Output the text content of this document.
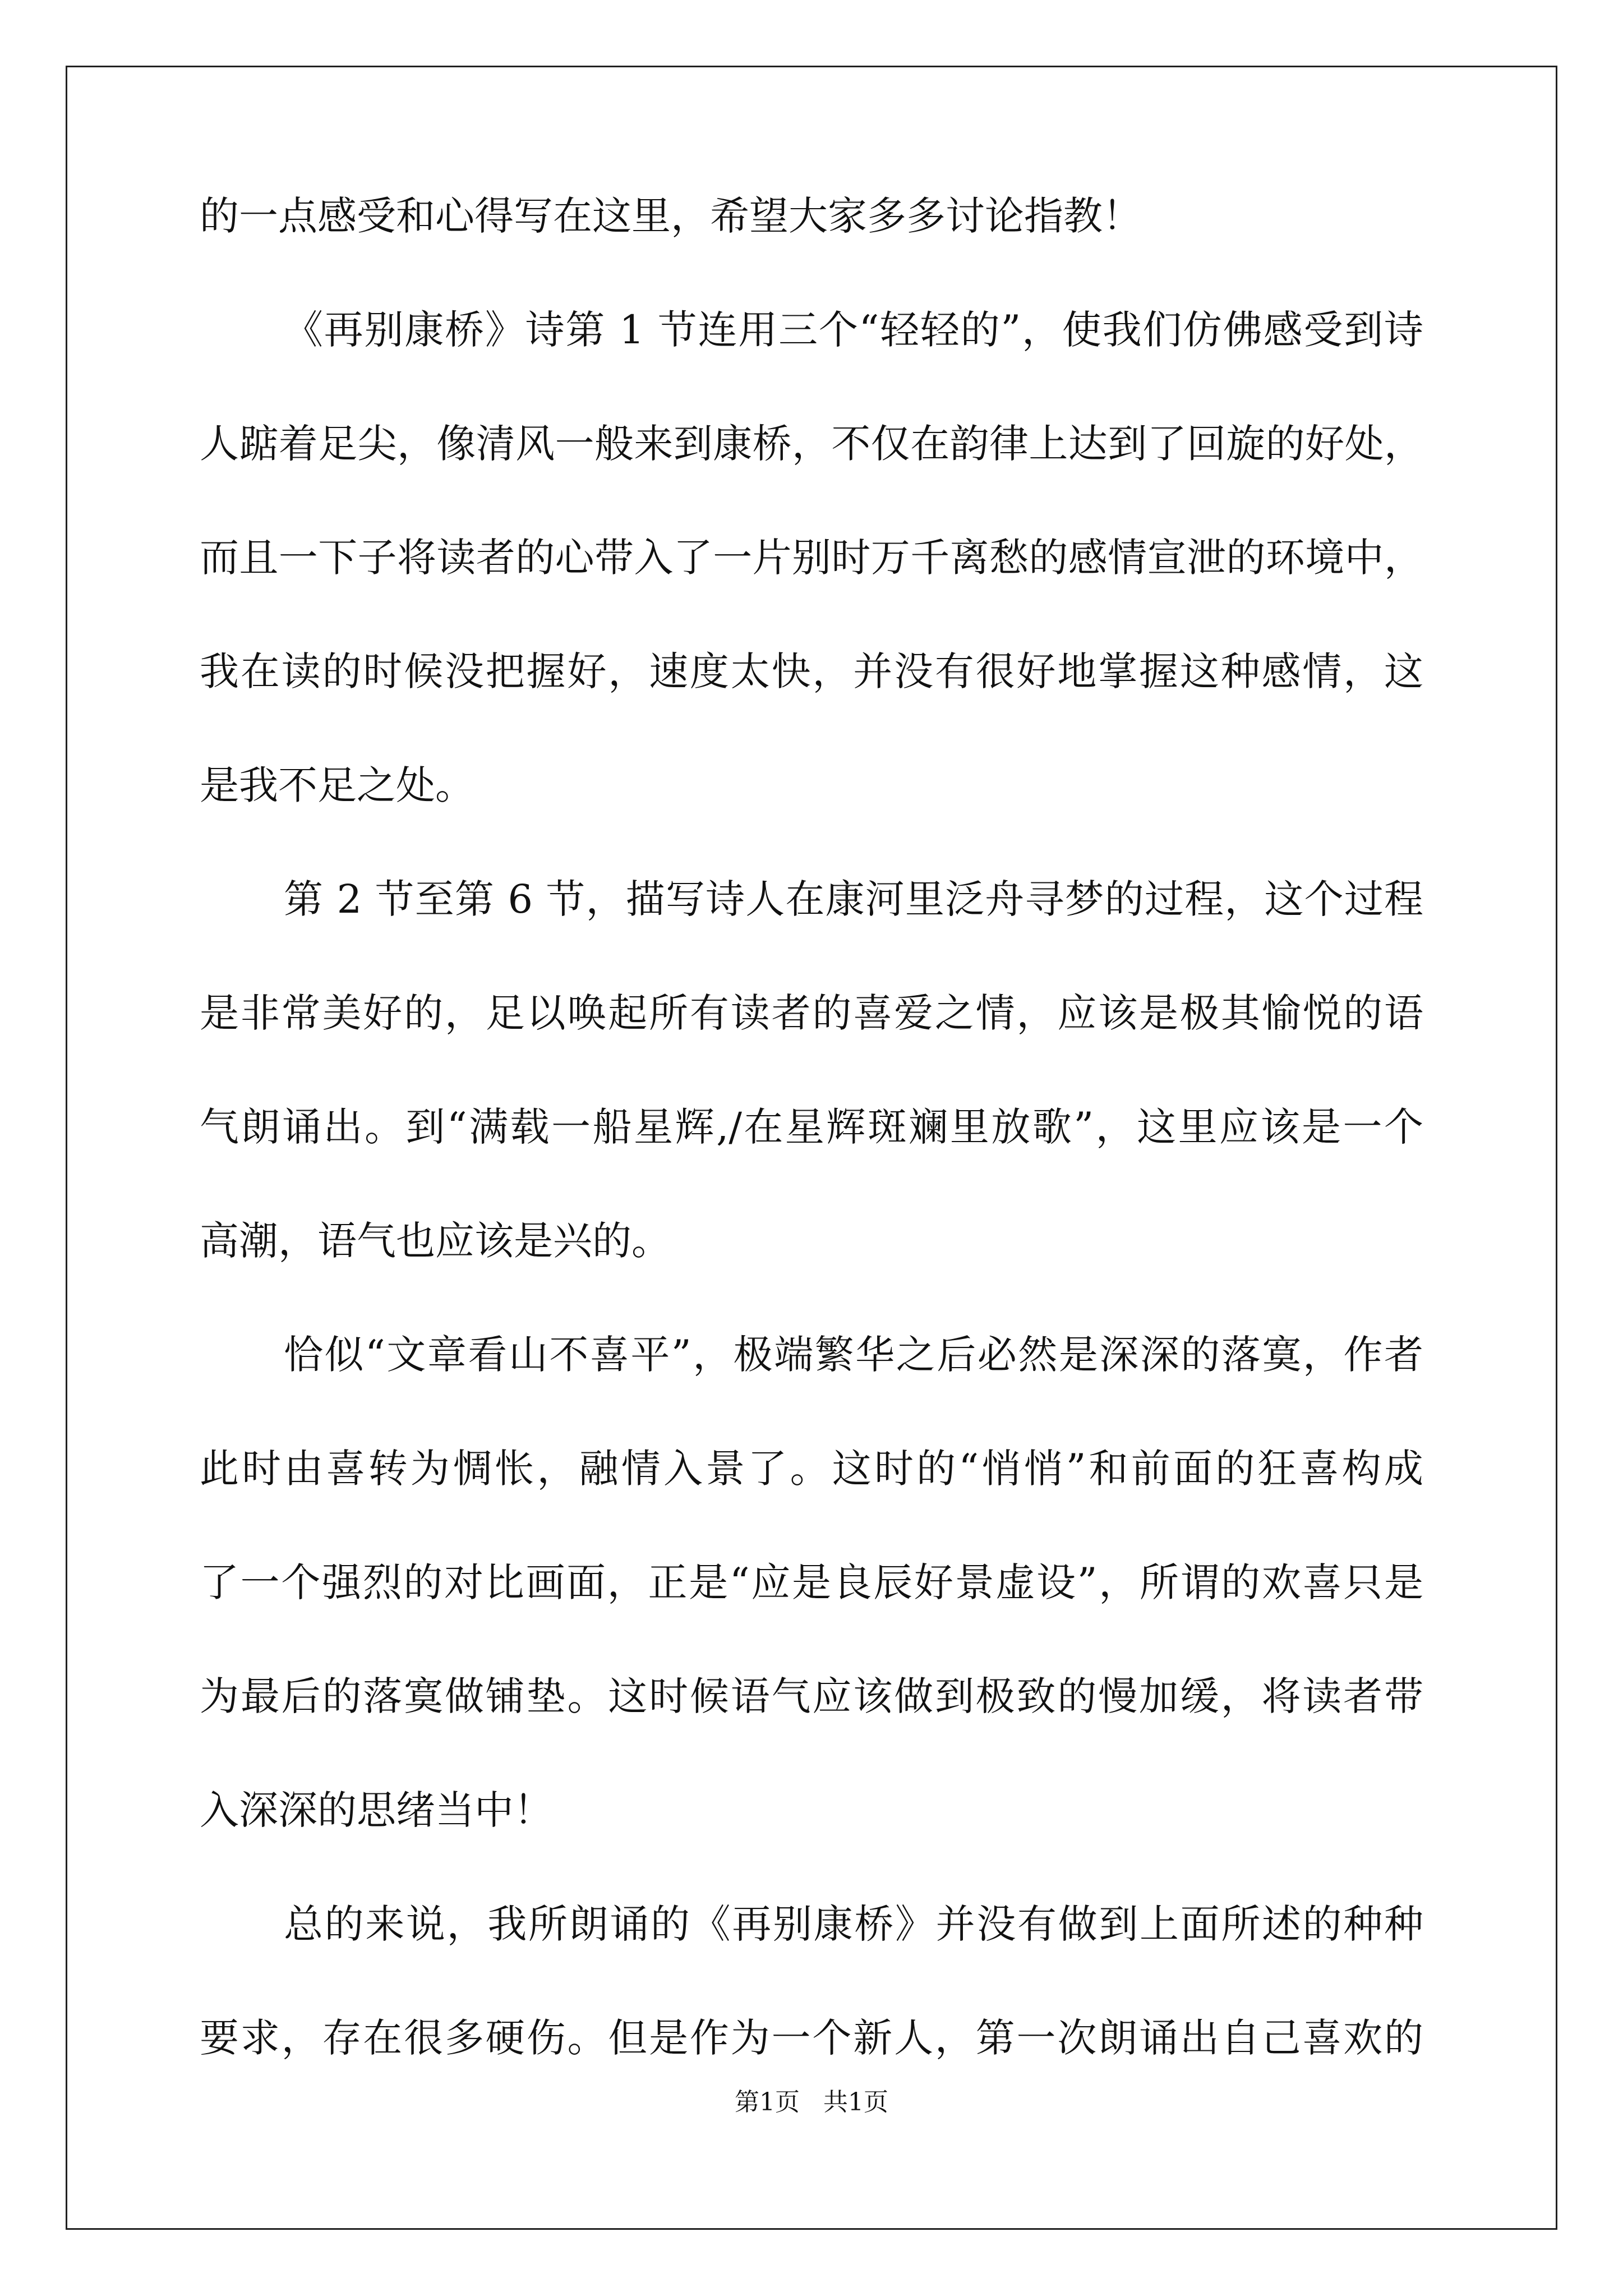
的一点感受和心得写在这里，希望大家多多讨论指教！
《再别康桥》诗第 1 节连用三个“轻轻的”，使我们仿佛感受到诗
人踮着足尖，像清风一般来到康桥，不仅在韵律上达到了回旋的好处，
而且一下子将读者的心带入了一片别时万千离愁的感情宣泄的环境中，
我在读的时候没把握好，速度太快，并没有很好地掌握这种感情，这
是我不足之处。
第 2 节至第 6 节，描写诗人在康河里泛舟寻梦的过程，这个过程
是非常美好的，足以唤起所有读者的喜爱之情，应该是极其愉悦的语
气朗诵出。到“满载一船星辉,/在星辉斑斓里放歌”，这里应该是一个
高潮，语气也应该是兴的。
恰似“文章看山不喜平”，极端繁华之后必然是深深的落寞，作者
此时由喜转为惆怅，融情入景了。这时的“悄悄”和前面的狂喜构成
了一个强烈的对比画面，正是“应是良辰好景虚设”，所谓的欢喜只是
为最后的落寞做铺垫。这时候语气应该做到极致的慢加缓，将读者带
入深深的思绪当中！
总的来说，我所朗诵的《再别康桥》并没有做到上面所述的种种
要求，存在很多硬伤。但是作为一个新人，第一次朗诵出自己喜欢的
第1页   共1页
